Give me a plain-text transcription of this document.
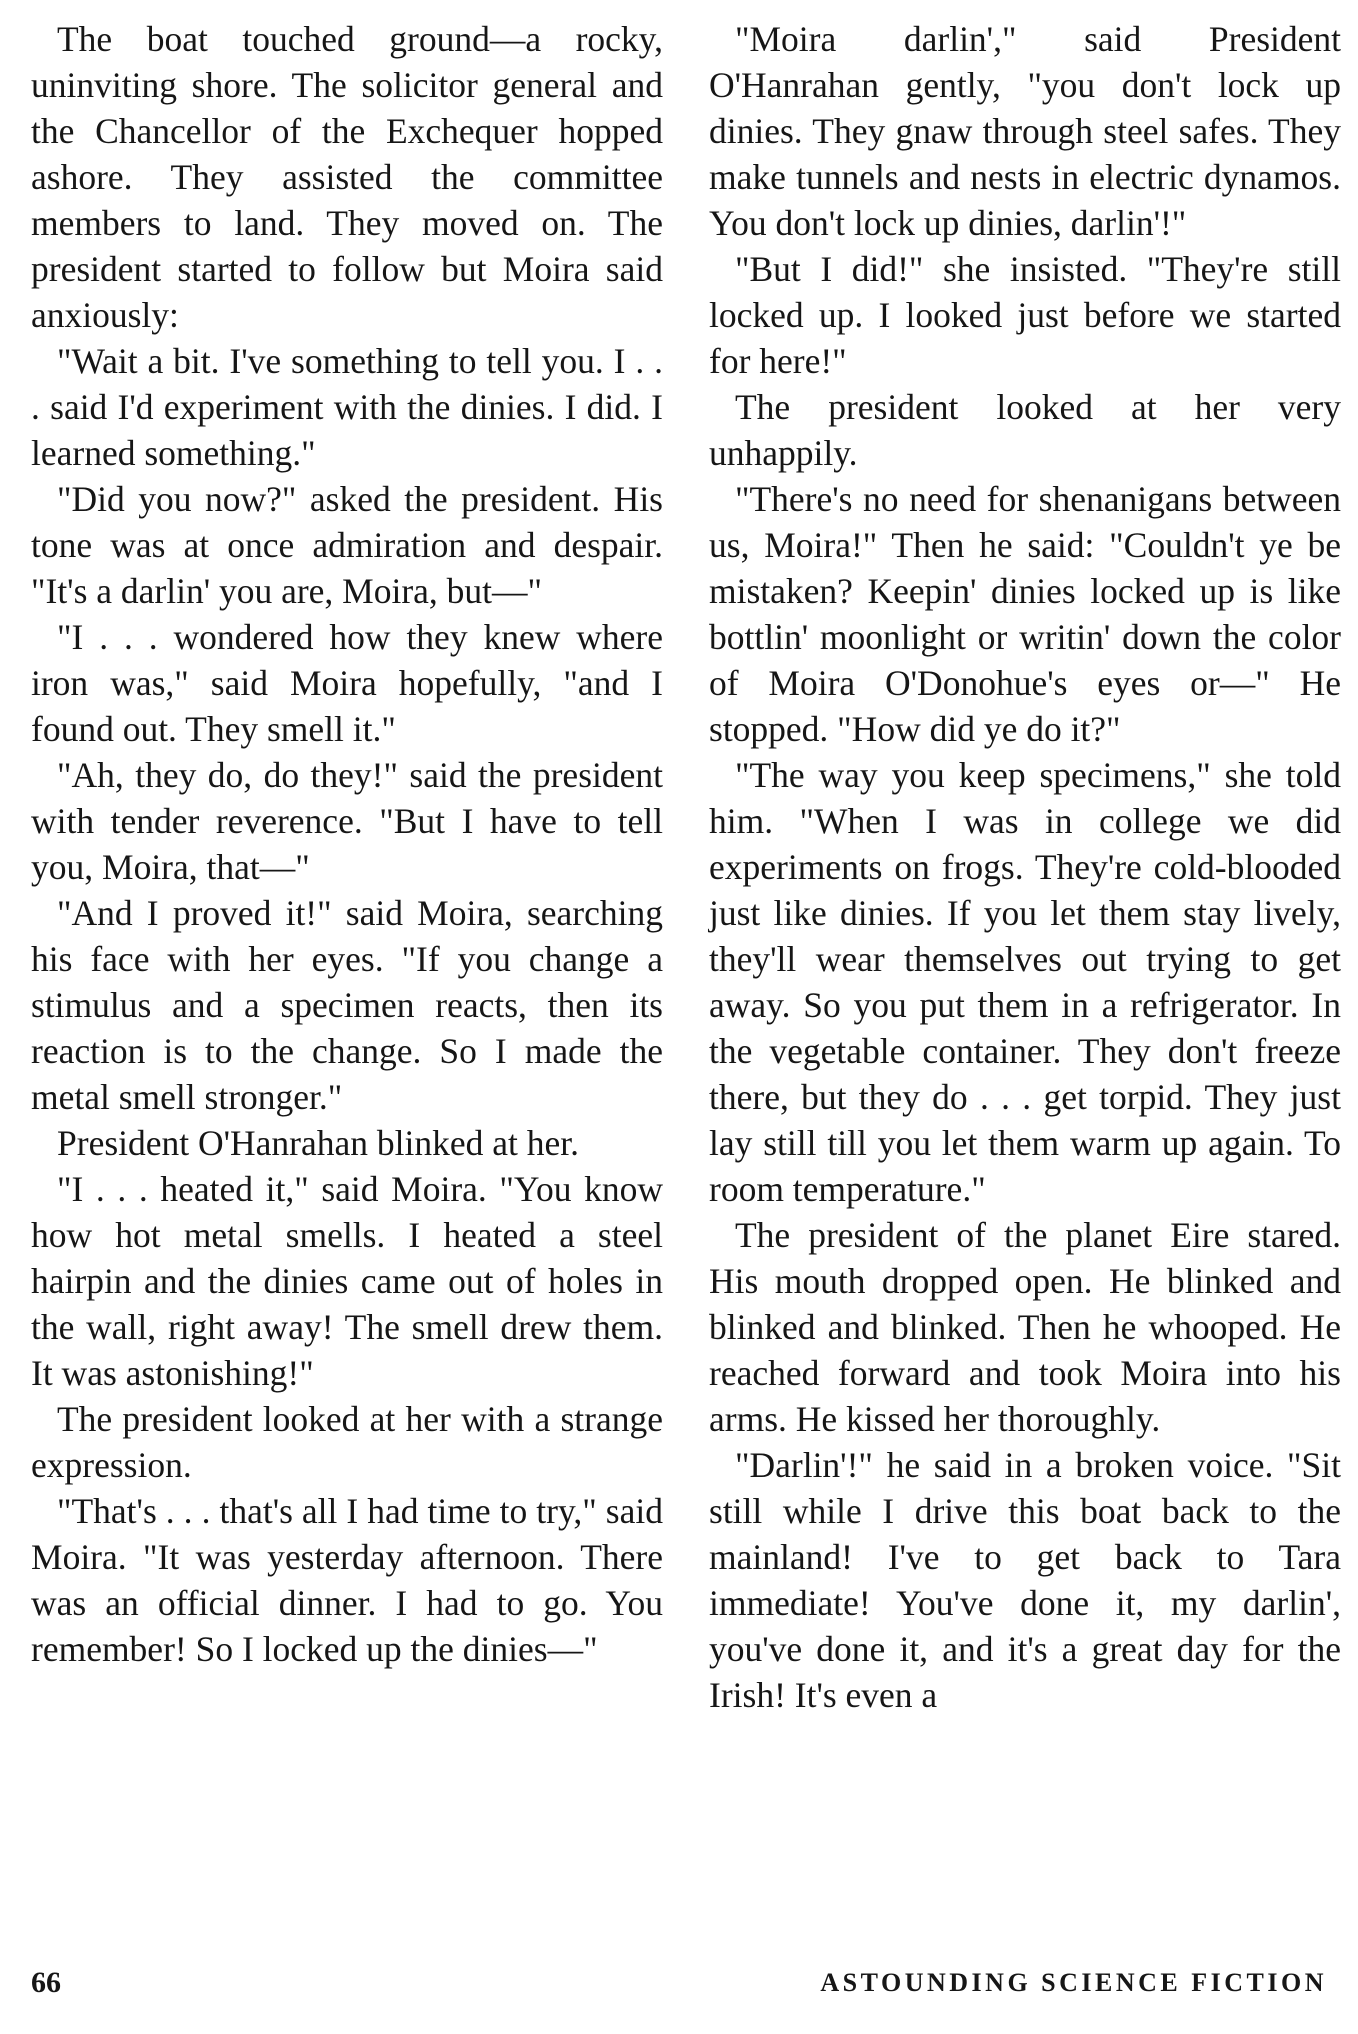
The boat touched ground—a rocky, uninviting shore. The solicitor general and the Chancellor of the Exchequer hopped ashore. They assisted the committee members to land. They moved on. The president started to follow but Moira said anxiously:

"Wait a bit. I've something to tell you. I . . . said I'd experiment with the dinies. I did. I learned something."

"Did you now?" asked the president. His tone was at once admiration and despair. "It's a darlin' you are, Moira, but—"

"I . . . wondered how they knew where iron was," said Moira hopefully, "and I found out. They smell it."

"Ah, they do, do they!" said the president with tender reverence. "But I have to tell you, Moira, that—"

"And I proved it!" said Moira, searching his face with her eyes. "If you change a stimulus and a specimen reacts, then its reaction is to the change. So I made the metal smell stronger."

President O'Hanrahan blinked at her.

"I . . . heated it," said Moira. "You know how hot metal smells. I heated a steel hairpin and the dinies came out of holes in the wall, right away! The smell drew them. It was astonishing!"

The president looked at her with a strange expression.

"That's . . . that's all I had time to try," said Moira. "It was yesterday afternoon. There was an official dinner. I had to go. You remember! So I locked up the dinies—"

"Moira darlin'," said President O'Hanrahan gently, "you don't lock up dinies. They gnaw through steel safes. They make tunnels and nests in electric dynamos. You don't lock up dinies, darlin'!"

"But I did!" she insisted. "They're still locked up. I looked just before we started for here!"

The president looked at her very unhappily.

"There's no need for shenanigans between us, Moira!" Then he said: "Couldn't ye be mistaken? Keepin' dinies locked up is like bottlin' moonlight or writin' down the color of Moira O'Donohue's eyes or—" He stopped. "How did ye do it?"

"The way you keep specimens," she told him. "When I was in college we did experiments on frogs. They're cold-blooded just like dinies. If you let them stay lively, they'll wear themselves out trying to get away. So you put them in a refrigerator. In the vegetable container. They don't freeze there, but they do . . . get torpid. They just lay still till you let them warm up again. To room temperature."

The president of the planet Eire stared. His mouth dropped open. He blinked and blinked and blinked. Then he whooped. He reached forward and took Moira into his arms. He kissed her thoroughly.

"Darlin'!" he said in a broken voice. "Sit still while I drive this boat back to the mainland! I've to get back to Tara immediate! You've done it, my darlin', you've done it, and it's a great day for the Irish! It's even a

66	ASTOUNDING SCIENCE FICTION
